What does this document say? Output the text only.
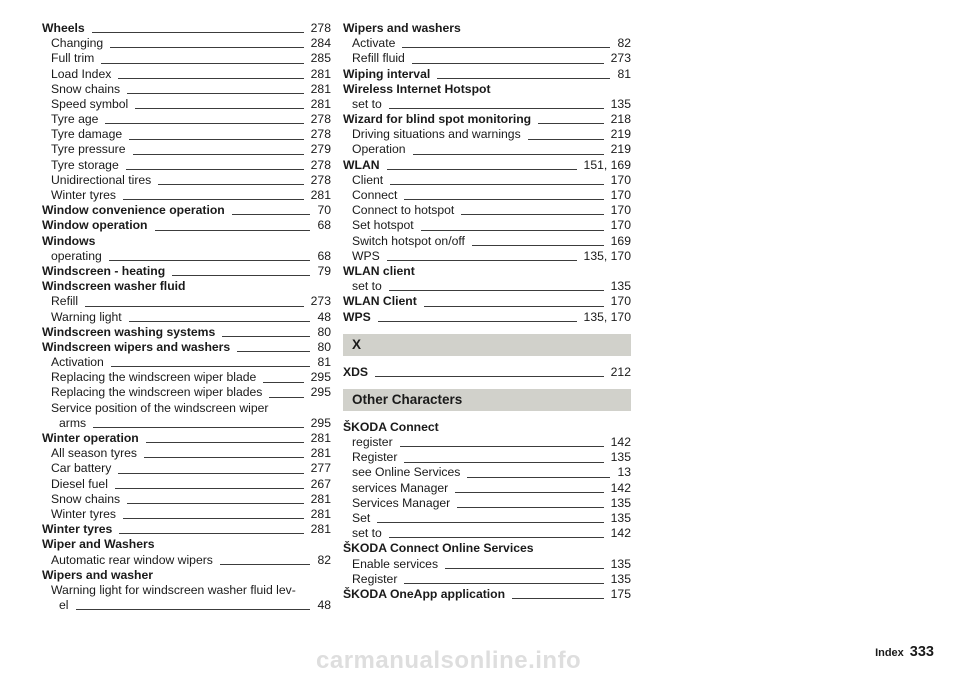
Wheels	278
Changing	284
Full trim	285
Load Index	281
Snow chains	281
Speed symbol	281
Tyre age	278
Tyre damage	278
Tyre pressure	279
Tyre storage	278
Unidirectional tires	278
Winter tyres	281
Window convenience operation	70
Window operation	68
Windows
operating	68
Windscreen - heating	79
Windscreen washer fluid
Refill	273
Warning light	48
Windscreen washing systems	80
Windscreen wipers and washers	80
Activation	81
Replacing the windscreen wiper blade	295
Replacing the windscreen wiper blades	295
Service position of the windscreen wiper
arms	295
Winter operation	281
All season tyres	281
Car battery	277
Diesel fuel	267
Snow chains	281
Winter tyres	281
Winter tyres	281
Wiper and Washers
Automatic rear window wipers	82
Wipers and washer
Warning light for windscreen washer fluid lev-
el	48
Wipers and washers
Activate	82
Refill fluid	273
Wiping interval	81
Wireless Internet Hotspot
set to	135
Wizard for blind spot monitoring	218
Driving situations and warnings	219
Operation	219
WLAN	151, 169
Client	170
Connect	170
Connect to hotspot	170
Set hotspot	170
Switch hotspot on/off	169
WPS	135, 170
WLAN client
set to	135
WLAN Client	170
WPS	135, 170
X
XDS	212
Other Characters
ŠKODA Connect
register	142
Register	135
see Online Services	13
services Manager	142
Services Manager	135
Set	135
set to	142
ŠKODA Connect Online Services
Enable services	135
Register	135
ŠKODA OneApp application	175
carmanualsonline.info	Index 333
